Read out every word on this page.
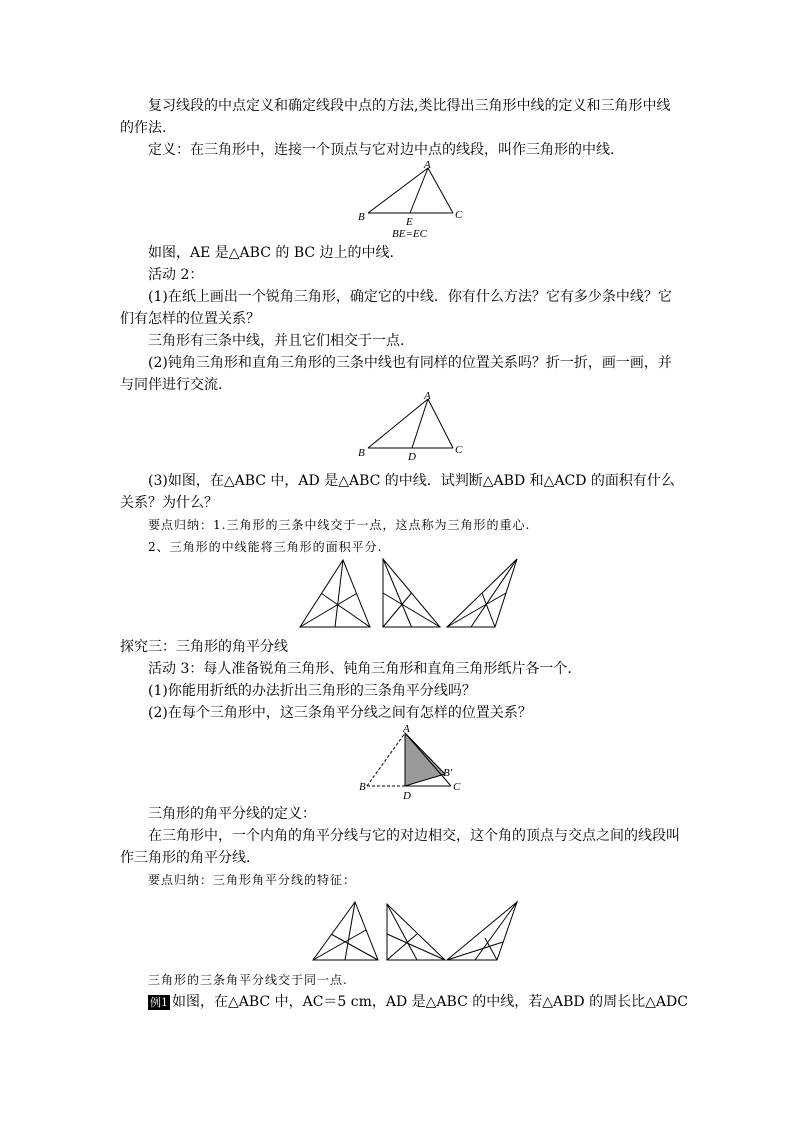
复习线段的中点定义和确定线段中点的方法,类比得出三角形中线的定义和三角形中线
的作法.
定义：在三角形中，连接一个顶点与它对边中点的线段，叫作三角形的中线.
A
B	C
E
BE=EC
如图，AE 是△ABC 的 BC 边上的中线.
活动 2：
(1)在纸上画出一个锐角三角形，确定它的中线．你有什么方法？它有多少条中线？它
们有怎样的位置关系？
三角形有三条中线，并且它们相交于一点.
(2)钝角三角形和直角三角形的三条中线也有同样的位置关系吗？折一折，画一画，并
与同伴进行交流.
A
B	C
D
(3)如图，在△ABC 中，AD 是△ABC 的中线．试判断△ABD 和△ACD 的面积有什么
关系？为什么？
要点归纳：1.三角形的三条中线交于一点，这点称为三角形的重心.
2、三角形的中线能将三角形的面积平分.
探究三：三角形的角平分线
活动 3：每人准备锐角三角形、钝角三角形和直角三角形纸片各一个.
(1)你能用折纸的办法折出三角形的三条角平分线吗？
(2)在每个三角形中，这三条角平分线之间有怎样的位置关系？
A
B	C
D
B′
三角形的角平分线的定义：
在三角形中，一个内角的角平分线与它的对边相交，这个角的顶点与交点之间的线段叫
作三角形的角平分线.
要点归纳：三角形角平分线的特征：
三角形的三条角平分线交于同一点.
例1 如图，在△ABC 中，AC＝5 cm，AD 是△ABC 的中线，若△ABD 的周长比△ADC
